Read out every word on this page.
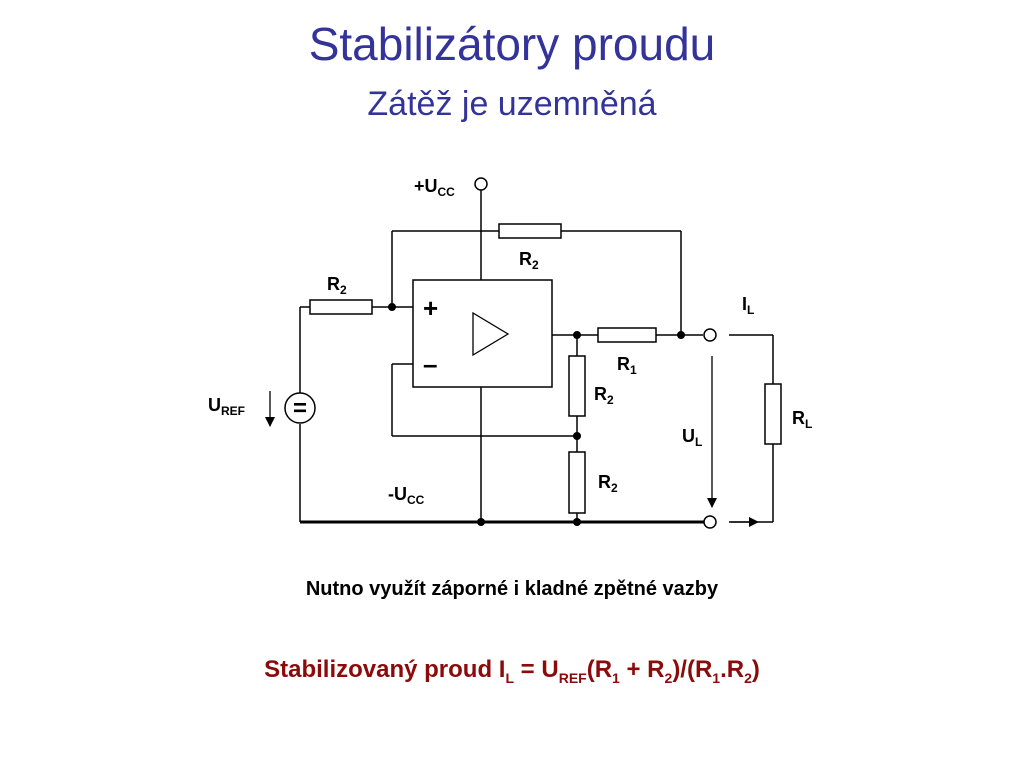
Stabilizátory proudu
Zátěž je uzemněná
+
–
=
$+U_{CC}$
$R_2$
$R_2$
$I_L$
$R_1$
$R_2$
$U_{REF}$	$R_L$
$U_L$
$R_2$
$-U_{CC}$
Nutno využít záporné i kladné zpětné vazby
Stabilizovaný proud $I_L = U_{REF}(R_1 + R_2)/(R_1.R_2)$
